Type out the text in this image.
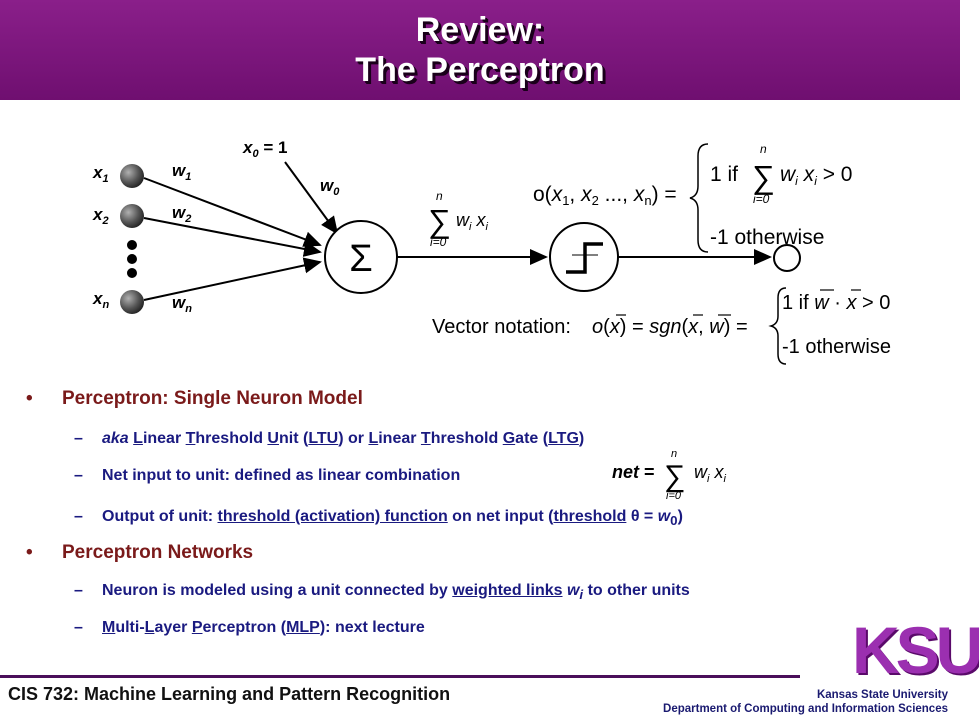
Review:
The Perceptron
$x_1$
$x_2$
$x_n$
$w_1$
$w_2$
$w_n$
$x_0 = 1$
$w_0$
Σ
n
∑
i=0
$w_i$ $x_i$
o(x1, x2 ..., xn) =
1 if
n
∑
i=0
wi xi > 0
-1 otherwise
Vector notation: o(x) = sgn(x, w) =
1 if w · x > 0
-1 otherwise
• Perceptron: Single Neuron Model
– aka Linear Threshold Unit (LTU) or Linear Threshold Gate (LTG)
– Net input to unit: defined as linear combination	net =
n
∑
i=0
$w_i$ $x_i$
– Output of unit: threshold (activation) function on net input (threshold $\theta = w_0$)
• Perceptron Networks
– Neuron is modeled using a unit connected by weighted links $w_i$ to other units
– Multi-Layer Perceptron (MLP): next lecture	KSU
CIS 732: Machine Learning and Pattern Recognition	Kansas State University
Department of Computing and Information Sciences
